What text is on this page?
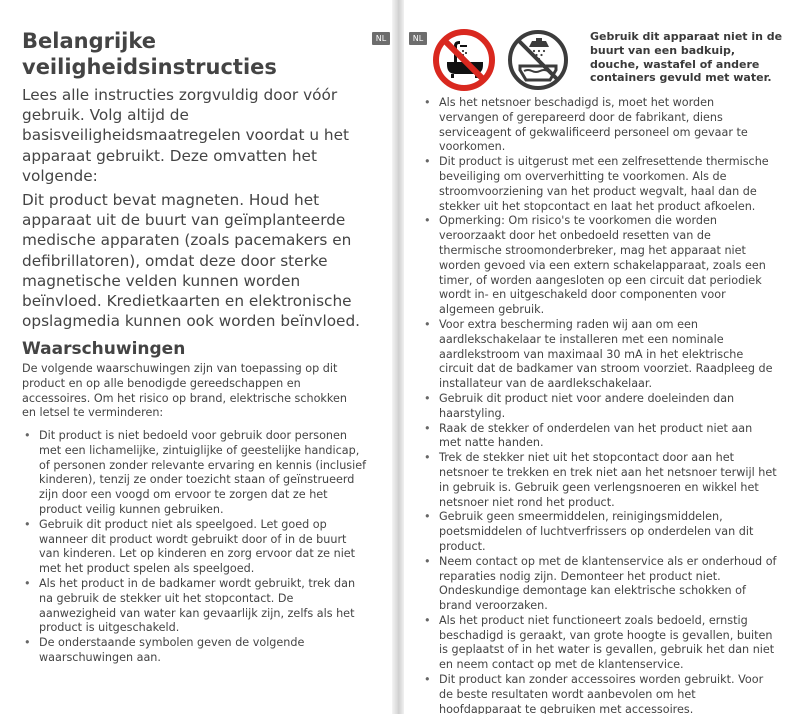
NL
Belangrijke veiligheidsinstructies

Lees alle instructies zorgvuldig door vóór gebruik. Volg altijd de basisveiligheidsmaatregelen voordat u het apparaat gebruikt. Deze omvatten het volgende:

Dit product bevat magneten. Houd het apparaat uit de buurt van geïmplanteerde medische apparaten (zoals pacemakers en defibrillatoren), omdat deze door sterke magnetische velden kunnen worden beïnvloed. Kredietkaarten en elektronische opslagmedia kunnen ook worden beïnvloed.

Waarschuwingen

De volgende waarschuwingen zijn van toepassing op dit product en op alle benodigde gereedschappen en accessoires. Om het risico op brand, elektrische schokken en letsel te verminderen:

• Dit product is niet bedoeld voor gebruik door personen met een lichamelijke, zintuiglijke of geestelijke handicap, of personen zonder relevante ervaring en kennis (inclusief kinderen), tenzij ze onder toezicht staan of geïnstrueerd zijn door een voogd om ervoor te zorgen dat ze het product veilig kunnen gebruiken.
• Gebruik dit product niet als speelgoed. Let goed op wanneer dit product wordt gebruikt door of in de buurt van kinderen. Let op kinderen en zorg ervoor dat ze niet met het product spelen als speelgoed.
• Als het product in de badkamer wordt gebruikt, trek dan na gebruik de stekker uit het stopcontact. De aanwezigheid van water kan gevaarlijk zijn, zelfs als het product is uitgeschakeld.
• De onderstaande symbolen geven de volgende waarschuwingen aan.
NL	Gebruik dit apparaat niet in de buurt van een badkuip, douche, wastafel of andere containers gevuld met water.

• Als het netsnoer beschadigd is, moet het worden vervangen of gerepareerd door de fabrikant, diens serviceagent of gekwalificeerd personeel om gevaar te voorkomen.
• Dit product is uitgerust met een zelfresettende thermische beveiliging om oververhitting te voorkomen. Als de stroomvoorziening van het product wegvalt, haal dan de stekker uit het stopcontact en laat het product afkoelen.
• Opmerking: Om risico's te voorkomen die worden veroorzaakt door het onbedoeld resetten van de thermische stroomonderbreker, mag het apparaat niet worden gevoed via een extern schakelapparaat, zoals een timer, of worden aangesloten op een circuit dat periodiek wordt in- en uitgeschakeld door componenten voor algemeen gebruik.
• Voor extra bescherming raden wij aan om een aardlekschakelaar te installeren met een nominale aardlekstroom van maximaal 30 mA in het elektrische circuit dat de badkamer van stroom voorziet. Raadpleeg de installateur van de aardlekschakelaar.
• Gebruik dit product niet voor andere doeleinden dan haarstyling.
• Raak de stekker of onderdelen van het product niet aan met natte handen.
• Trek de stekker niet uit het stopcontact door aan het netsnoer te trekken en trek niet aan het netsnoer terwijl het in gebruik is. Gebruik geen verlengsnoeren en wikkel het netsnoer niet rond het product.
• Gebruik geen smeermiddelen, reinigingsmiddelen, poetsmiddelen of luchtverfrissers op onderdelen van dit product.
• Neem contact op met de klantenservice als er onderhoud of reparaties nodig zijn. Demonteer het product niet. Ondeskundige demontage kan elektrische schokken of brand veroorzaken.
• Als het product niet functioneert zoals bedoeld, ernstig beschadigd is geraakt, van grote hoogte is gevallen, buiten is geplaatst of in het water is gevallen, gebruik het dan niet en neem contact op met de klantenservice.
• Dit product kan zonder accessoires worden gebruikt. Voor de beste resultaten wordt aanbevolen om het hoofdapparaat te gebruiken met accessoires.
